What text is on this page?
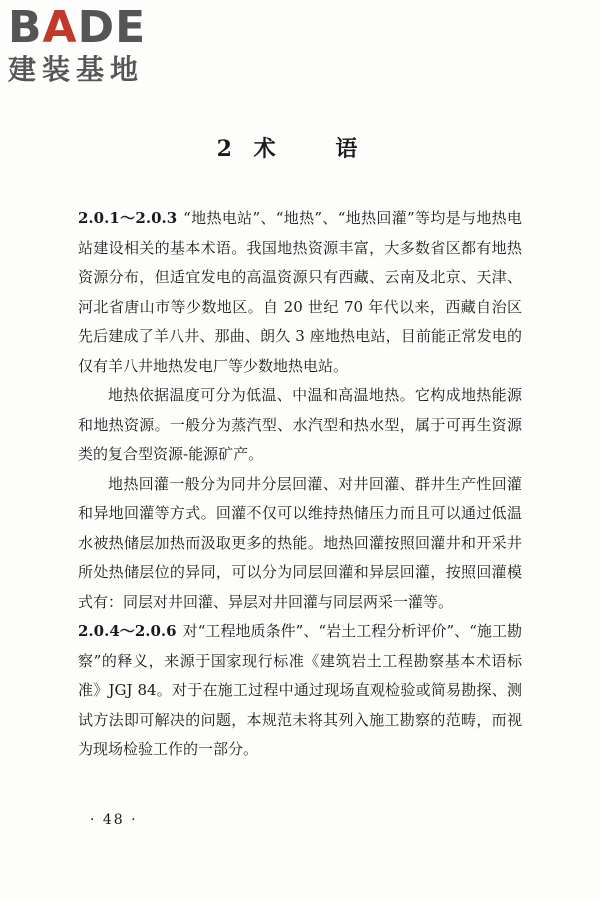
BADE
建装基地
2 术 语

2.0.1～2.0.3 “地热电站”、“地热”、“地热回灌”等均是与地热电站建设相关的基本术语。我国地热资源丰富，大多数省区都有地热资源分布，但适宜发电的高温资源只有西藏、云南及北京、天津、河北省唐山市等少数地区。自 20 世纪 70 年代以来，西藏自治区先后建成了羊八井、那曲、朗久 3 座地热电站，目前能正常发电的仅有羊八井地热发电厂等少数地热电站。

地热依据温度可分为低温、中温和高温地热。它构成地热能源和地热资源。一般分为蒸汽型、水汽型和热水型，属于可再生资源类的复合型资源-能源矿产。

地热回灌一般分为同井分层回灌、对井回灌、群井生产性回灌和异地回灌等方式。回灌不仅可以维持热储压力而且可以通过低温水被热储层加热而汲取更多的热能。地热回灌按照回灌井和开采井所处热储层位的异同，可以分为同层回灌和异层回灌，按照回灌模式有：同层对井回灌、异层对井回灌与同层两采一灌等。

2.0.4～2.0.6 对“工程地质条件”、“岩土工程分析评价”、“施工勘察”的释义，来源于国家现行标准《建筑岩土工程勘察基本术语标准》JGJ 84。对于在施工过程中通过现场直观检验或简易勘探、测试方法即可解决的问题，本规范未将其列入施工勘察的范畴，而视为现场检验工作的一部分。

· 48 ·
